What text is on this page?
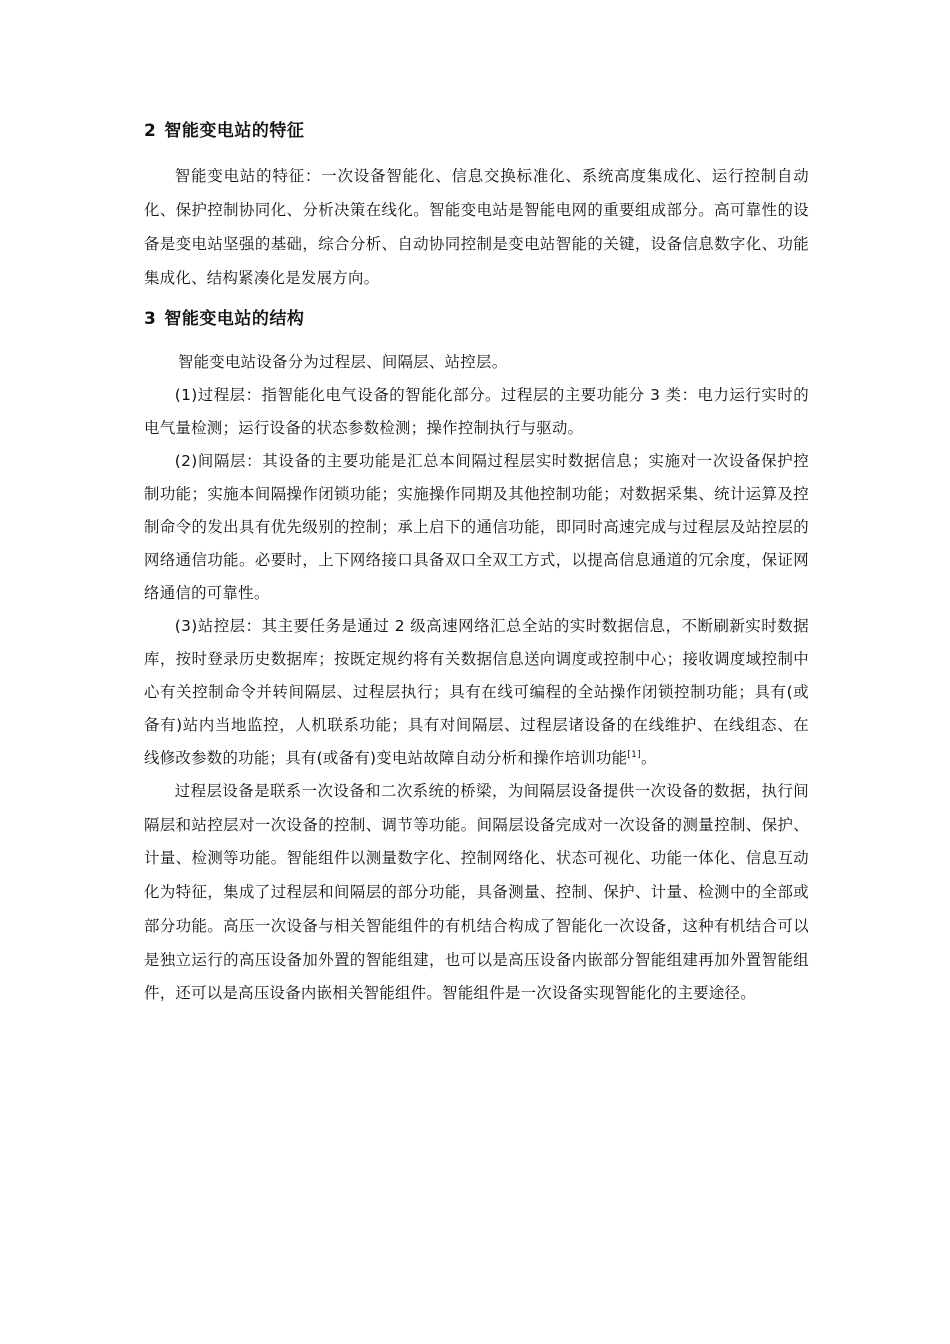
2 智能变电站的特征

智能变电站的特征：一次设备智能化、信息交换标准化、系统高度集成化、运行控制自动化、保护控制协同化、分析决策在线化。智能变电站是智能电网的重要组成部分。高可靠性的设备是变电站坚强的基础，综合分析、自动协同控制是变电站智能的关键，设备信息数字化、功能集成化、结构紧凑化是发展方向。

3 智能变电站的结构

智能变电站设备分为过程层、间隔层、站控层。

(1)过程层：指智能化电气设备的智能化部分。过程层的主要功能分 3 类：电力运行实时的电气量检测；运行设备的状态参数检测；操作控制执行与驱动。

(2)间隔层：其设备的主要功能是汇总本间隔过程层实时数据信息；实施对一次设备保护控制功能；实施本间隔操作闭锁功能；实施操作同期及其他控制功能；对数据采集、统计运算及控制命令的发出具有优先级别的控制；承上启下的通信功能，即同时高速完成与过程层及站控层的网络通信功能。必要时，上下网络接口具备双口全双工方式，以提高信息通道的冗余度，保证网络通信的可靠性。

(3)站控层：其主要任务是通过 2 级高速网络汇总全站的实时数据信息，不断刷新实时数据库，按时登录历史数据库；按既定规约将有关数据信息送向调度或控制中心；接收调度域控制中心有关控制命令并转间隔层、过程层执行；具有在线可编程的全站操作闭锁控制功能；具有(或备有)站内当地监控，人机联系功能；具有对间隔层、过程层诸设备的在线维护、在线组态、在线修改参数的功能；具有(或备有)变电站故障自动分析和操作培训功能[1]。

过程层设备是联系一次设备和二次系统的桥梁，为间隔层设备提供一次设备的数据，执行间隔层和站控层对一次设备的控制、调节等功能。间隔层设备完成对一次设备的测量控制、保护、计量、检测等功能。智能组件以测量数字化、控制网络化、状态可视化、功能一体化、信息互动化为特征，集成了过程层和间隔层的部分功能，具备测量、控制、保护、计量、检测中的全部或部分功能。高压一次设备与相关智能组件的有机结合构成了智能化一次设备，这种有机结合可以是独立运行的高压设备加外置的智能组建，也可以是高压设备内嵌部分智能组建再加外置智能组件，还可以是高压设备内嵌相关智能组件。智能组件是一次设备实现智能化的主要途径。
